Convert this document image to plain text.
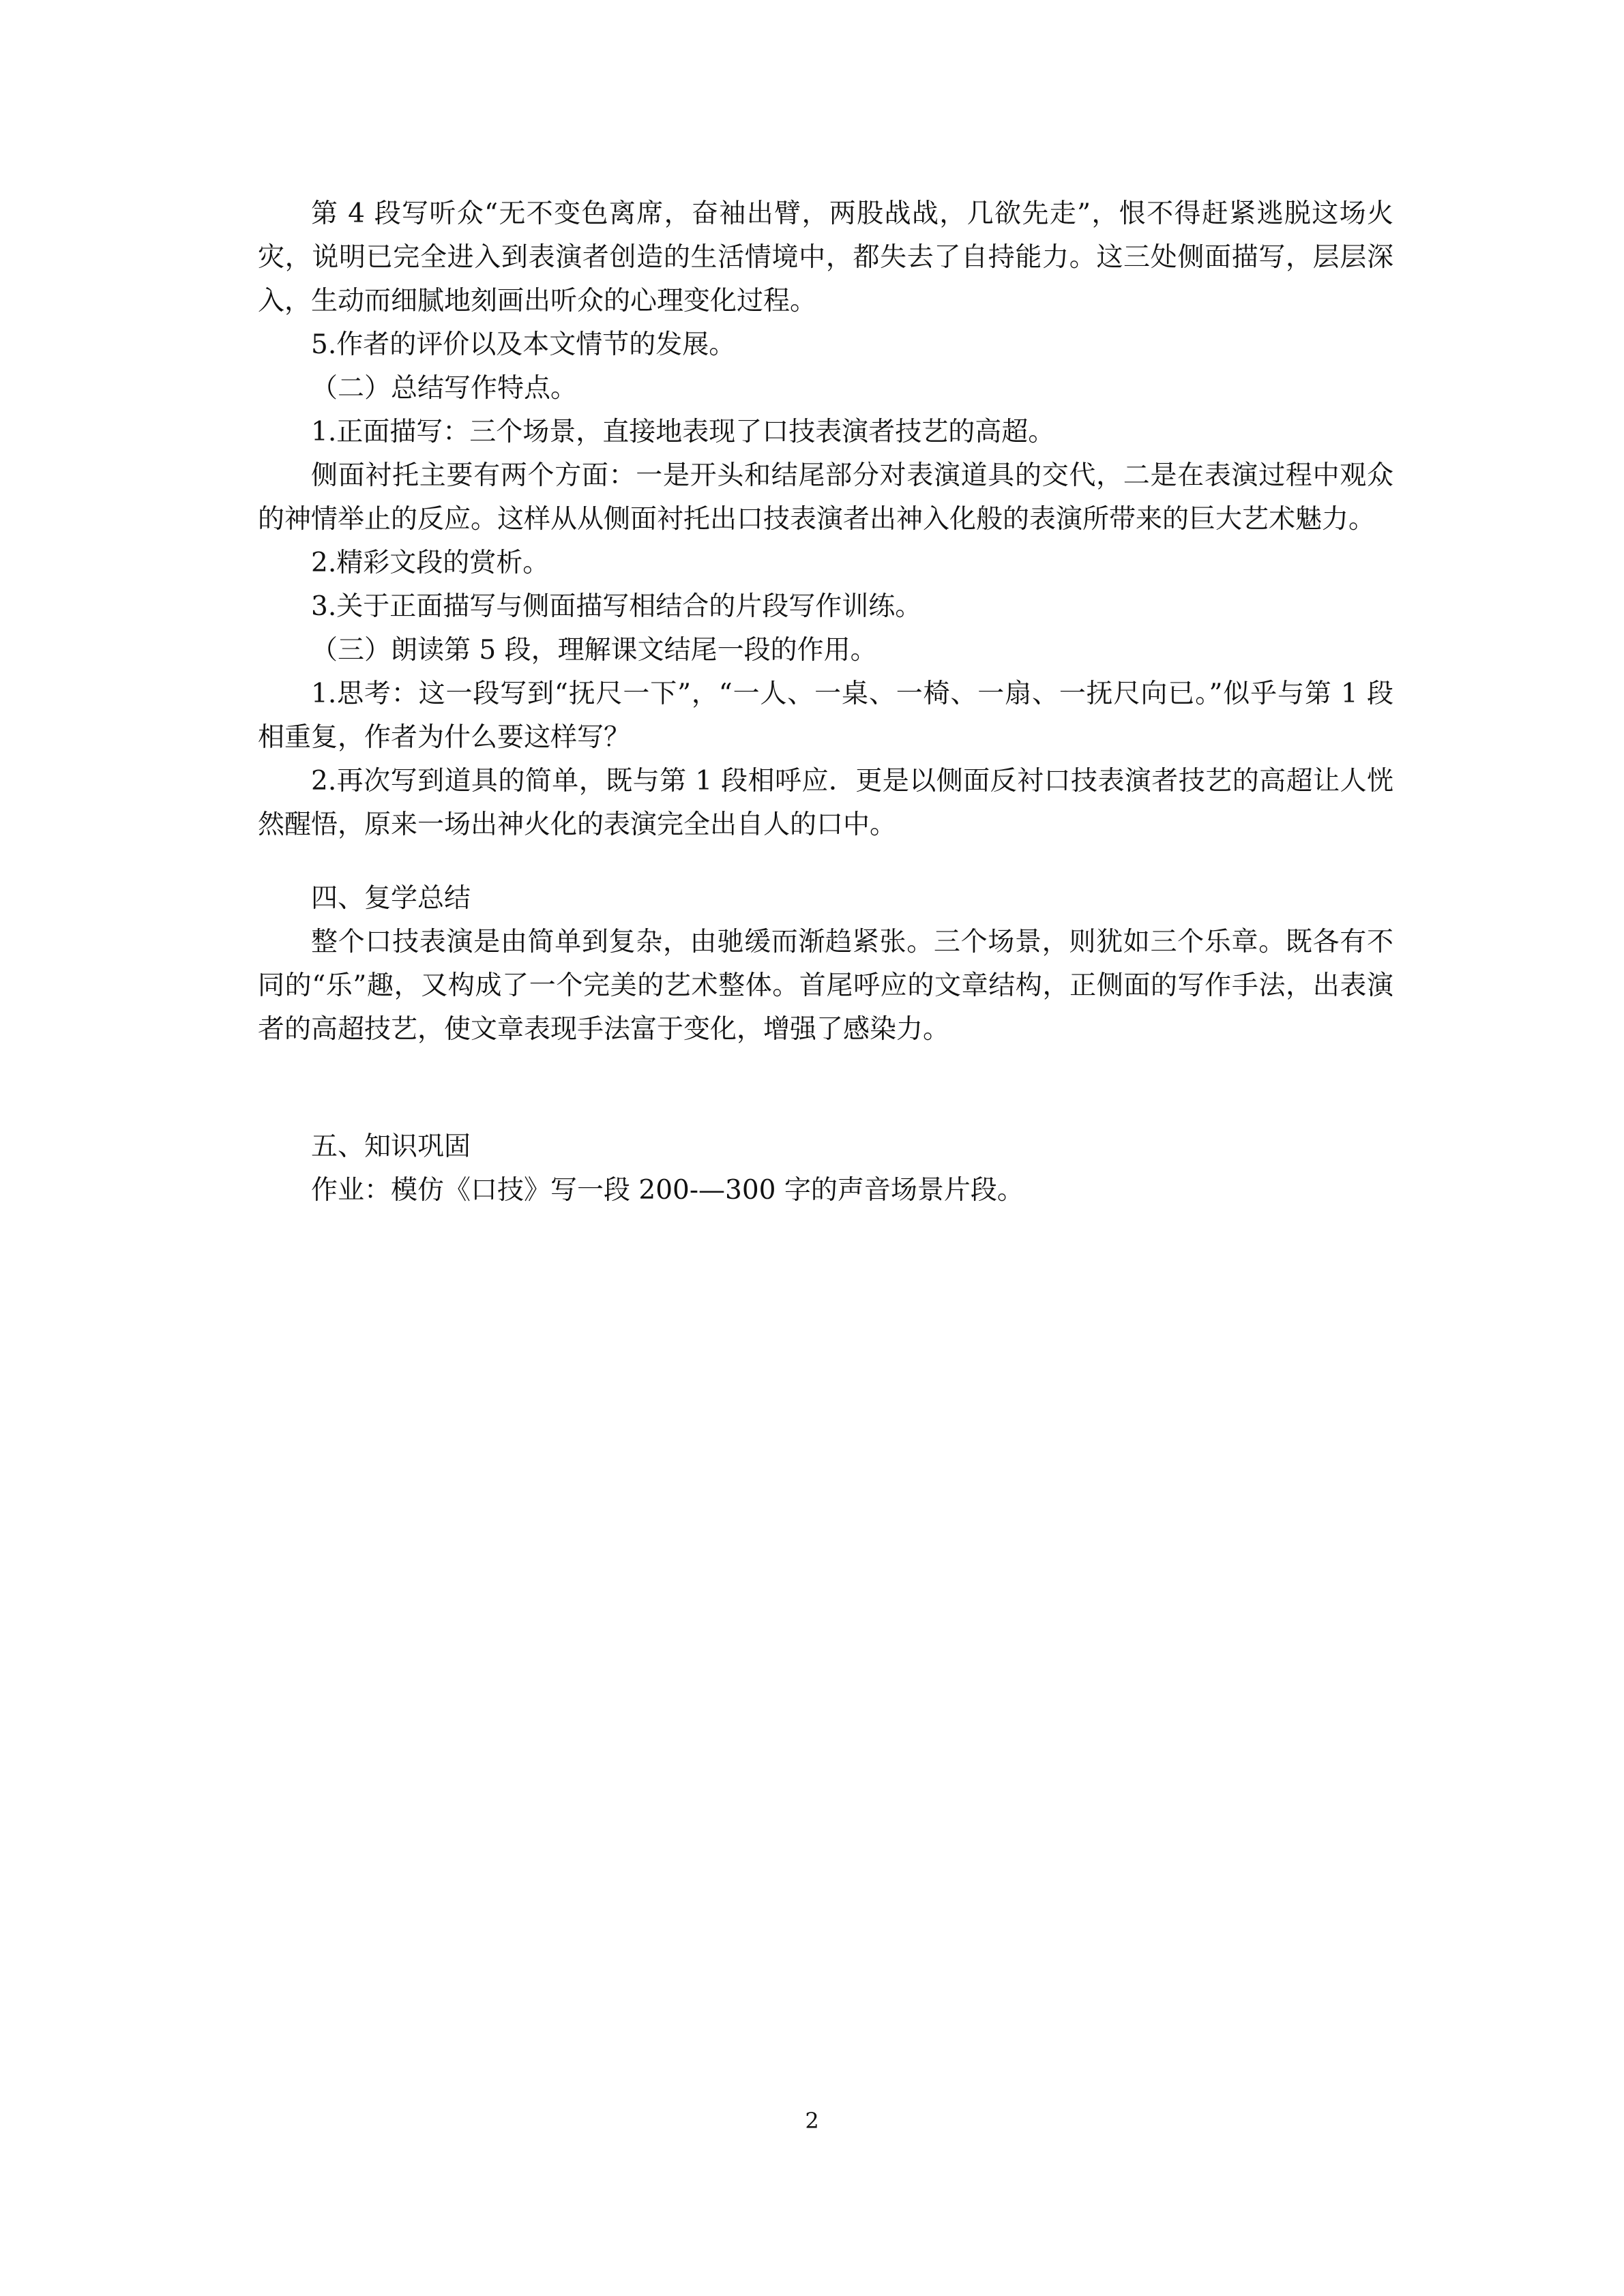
第 4 段写听众“无不变色离席，奋袖出臂，两股战战，几欲先走”，恨不得赶紧逃脱这场火灾，说明已完全进入到表演者创造的生活情境中，都失去了自持能力。这三处侧面描写，层层深入，生动而细腻地刻画出听众的心理变化过程。

5.作者的评价以及本文情节的发展。

（二）总结写作特点。

1.正面描写：三个场景，直接地表现了口技表演者技艺的高超。

侧面衬托主要有两个方面：一是开头和结尾部分对表演道具的交代，二是在表演过程中观众的神情举止的反应。这样从从侧面衬托出口技表演者出神入化般的表演所带来的巨大艺术魅力。

2.精彩文段的赏析。

3.关于正面描写与侧面描写相结合的片段写作训练。

（三）朗读第 5 段，理解课文结尾一段的作用。

1.思考：这一段写到“抚尺一下”，“一人、一桌、一椅、一扇、一抚尺向已。”似乎与第 1 段相重复，作者为什么要这样写？

2.再次写到道具的简单，既与第 1 段相呼应．更是以侧面反衬口技表演者技艺的高超让人恍然醒悟，原来一场出神火化的表演完全出自人的口中。

四、复学总结

整个口技表演是由简单到复杂，由驰缓而渐趋紧张。三个场景，则犹如三个乐章。既各有不同的“乐”趣，又构成了一个完美的艺术整体。首尾呼应的文章结构，正侧面的写作手法，出表演者的高超技艺，使文章表现手法富于变化，增强了感染力。

五、知识巩固

作业：模仿《口技》写一段 200-—300 字的声音场景片段。

2
